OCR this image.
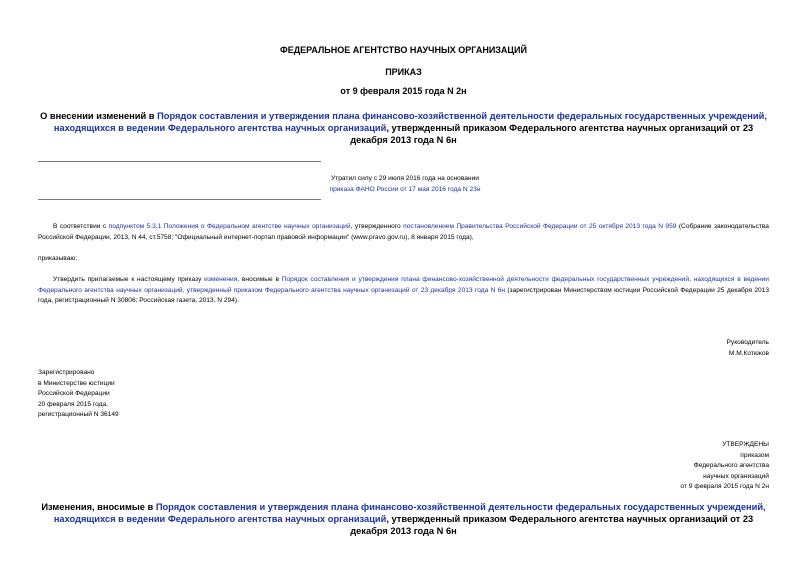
ФЕДЕРАЛЬНОЕ АГЕНТСТВО НАУЧНЫХ ОРГАНИЗАЦИЙ
ПРИКАЗ
от 9 февраля 2015 года N 2н
О внесении изменений в Порядок составления и утверждения плана финансово-хозяйственной деятельности федеральных государственных учреждений, находящихся в ведении Федерального агентства научных организаций, утвержденный приказом Федерального агентства научных организаций от 23 декабря 2013 года N 6н
Утратил силу с 29 июля 2016 года на основании
приказа ФАНО России от 17 мая 2016 года N 23н
В соответствии с подпунктом 5.3.1 Положения о Федеральном агентстве научных организаций, утвержденного постановлением Правительства Российской Федерации от 25 октября 2013 года N 959 (Собрание законодательства Российской Федерации, 2013, N 44, ст.5758; "Официальный интернет-портал правовой информации" (www.pravo.gov.ru), 8 января 2015 года),
приказываю:
Утвердить прилагаемые к настоящему приказу изменения, вносимые в Порядок составления и утверждения плана финансово-хозяйственной деятельности федеральных государственных учреждений, находящихся в ведении Федерального агентства научных организаций, утвержденный приказом Федерального агентства научных организаций от 23 декабря 2013 года N 6н (зарегистрирован Министерством юстиции Российской Федерации 25 декабря 2013 года, регистрационный N 30806; Российская газета, 2013, N 294).
Руководитель
М.М.Котюков
Зарегистрировано
в Министерстве юстиции
Российской Федерации
20 февраля 2015 года,
регистрационный N 36149
УТВЕРЖДЕНЫ
приказом
Федерального агентства
научных организаций
от 9 февраля 2015 года N 2н
Изменения, вносимые в Порядок составления и утверждения плана финансово-хозяйственной деятельности федеральных государственных учреждений, находящихся в ведении Федерального агентства научных организаций, утвержденный приказом Федерального агентства научных организаций от 23 декабря 2013 года N 6н
